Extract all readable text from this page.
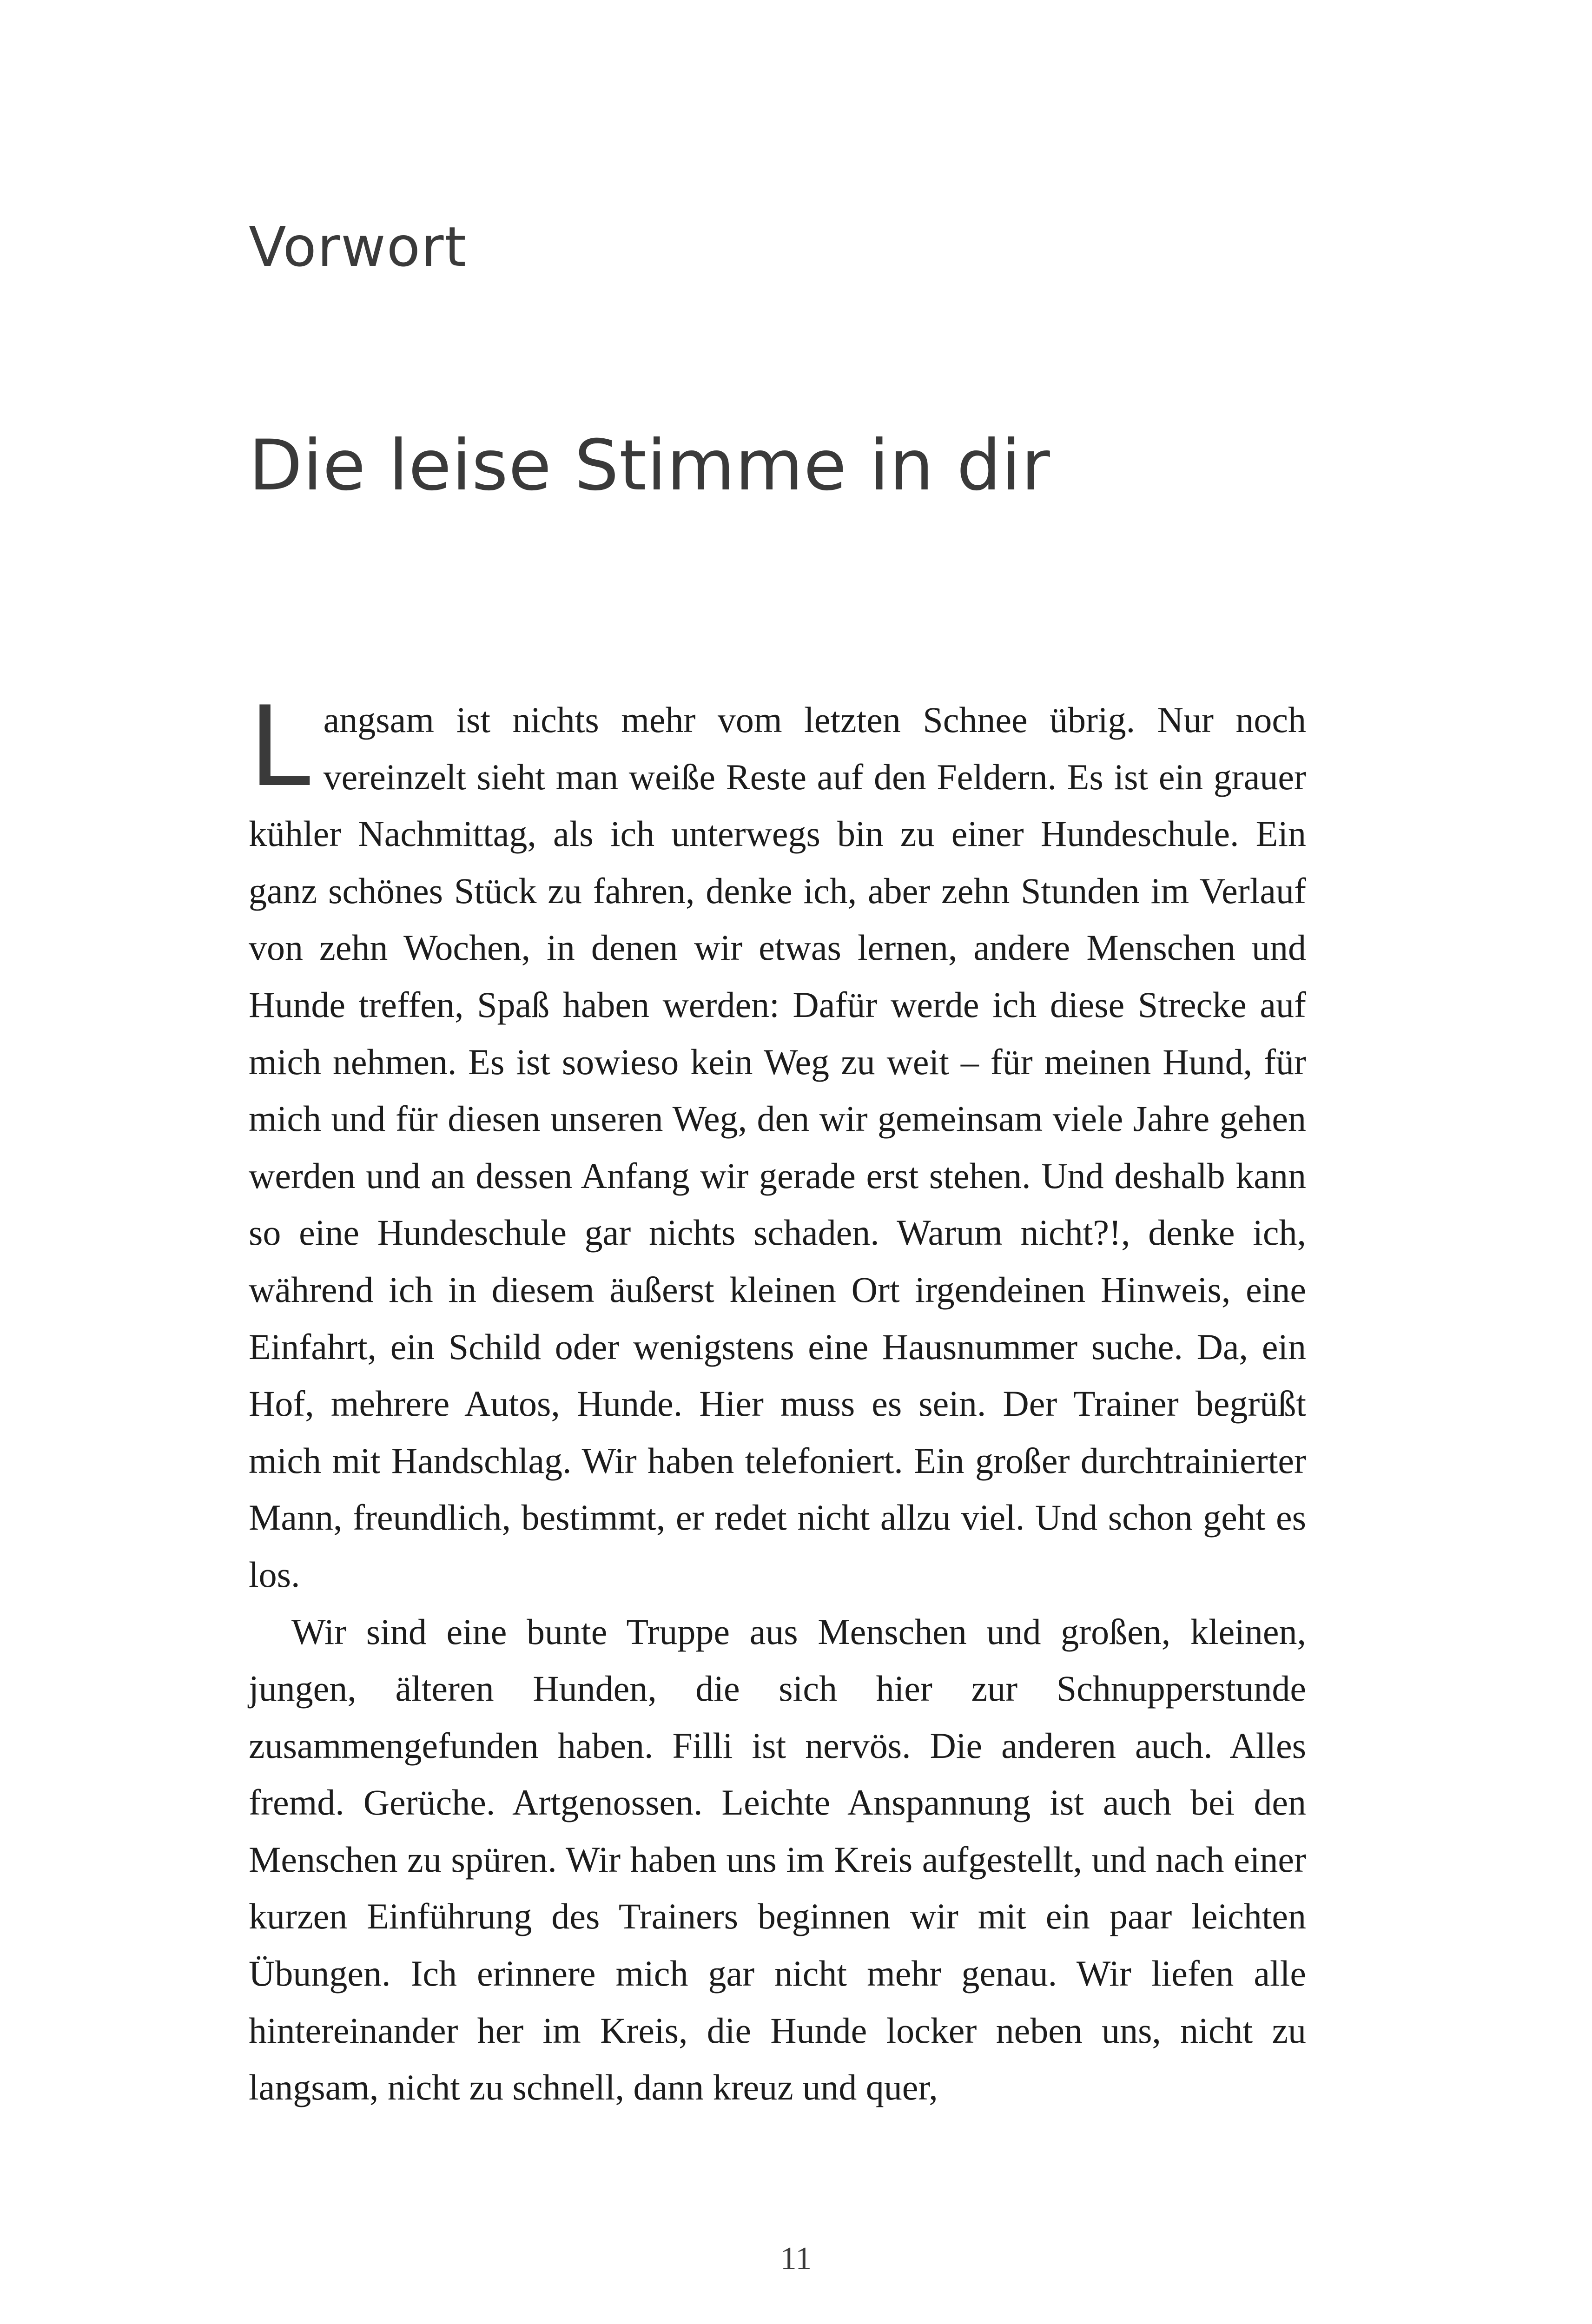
Vorwort
Die leise Stimme in dir

Langsam ist nichts mehr vom letzten Schnee übrig. Nur noch vereinzelt sieht man weiße Reste auf den Feldern. Es ist ein grauer kühler Nachmittag, als ich unterwegs bin zu einer Hundeschule. Ein ganz schönes Stück zu fahren, denke ich, aber zehn Stunden im Verlauf von zehn Wochen, in denen wir etwas lernen, andere Menschen und Hunde treffen, Spaß haben werden: Dafür werde ich diese Strecke auf mich nehmen. Es ist sowieso kein Weg zu weit – für meinen Hund, für mich und für diesen unseren Weg, den wir gemeinsam viele Jahre gehen werden und an dessen Anfang wir gerade erst stehen. Und deshalb kann so eine Hundeschule gar nichts schaden. Warum nicht?!, denke ich, während ich in diesem äußerst kleinen Ort irgendeinen Hinweis, eine Einfahrt, ein Schild oder wenigstens eine Hausnummer suche. Da, ein Hof, mehrere Autos, Hunde. Hier muss es sein. Der Trainer begrüßt mich mit Handschlag. Wir haben telefoniert. Ein großer durchtrainierter Mann, freundlich, bestimmt, er redet nicht allzu viel. Und schon geht es los.

Wir sind eine bunte Truppe aus Menschen und großen, kleinen, jungen, älteren Hunden, die sich hier zur Schnupperstunde zusammengefunden haben. Filli ist nervös. Die anderen auch. Alles fremd. Gerüche. Artgenossen. Leichte Anspannung ist auch bei den Menschen zu spüren. Wir haben uns im Kreis aufgestellt, und nach einer kurzen Einführung des Trainers beginnen wir mit ein paar leichten Übungen. Ich erinnere mich gar nicht mehr genau. Wir liefen alle hintereinander her im Kreis, die Hunde locker neben uns, nicht zu langsam, nicht zu schnell, dann kreuz und quer,

11
